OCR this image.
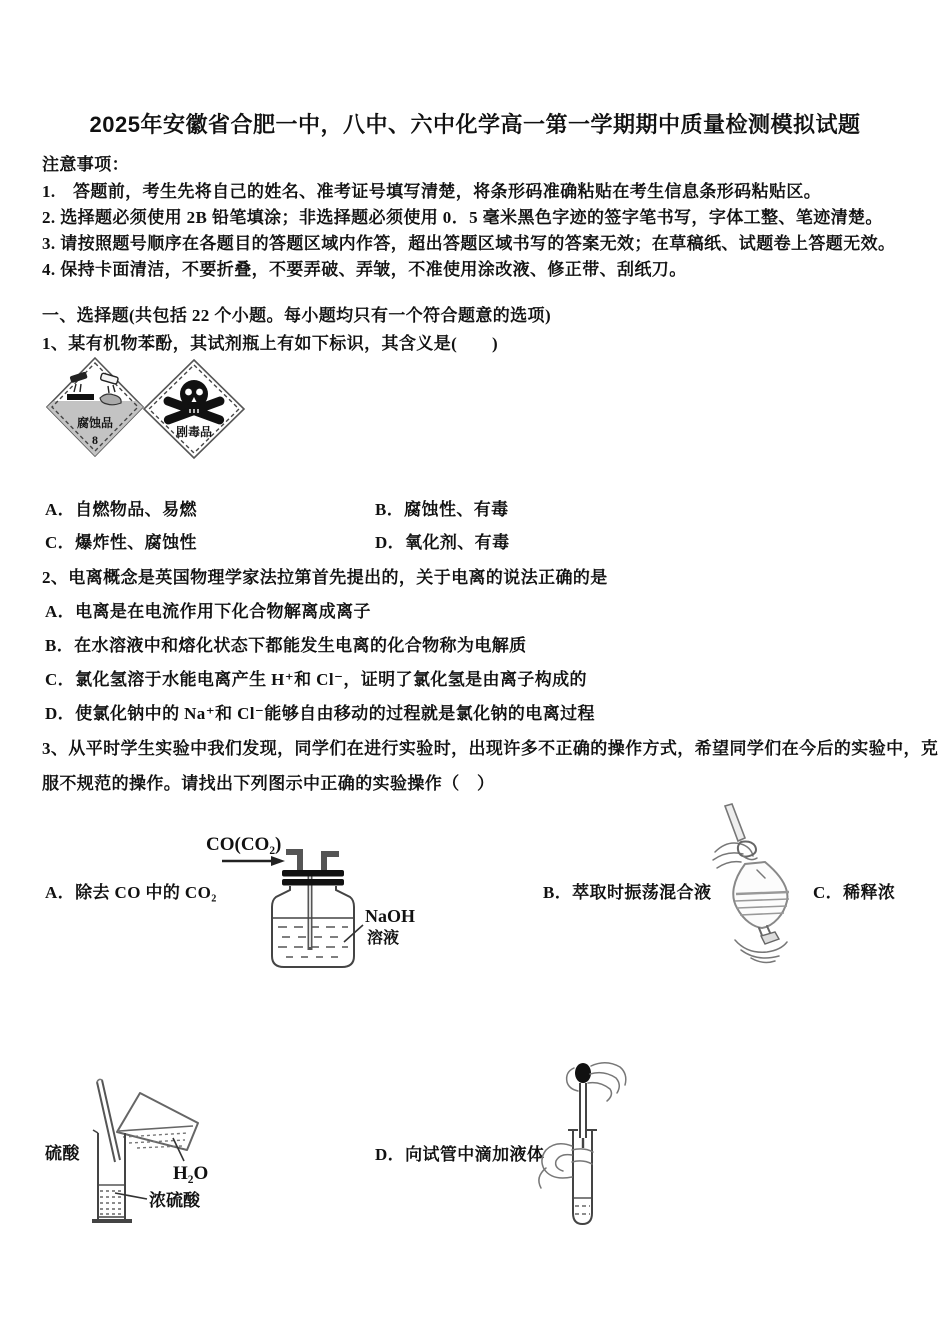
2025年安徽省合肥一中，八中、六中化学高一第一学期期中质量检测模拟试题
注意事项：
1.　答题前，考生先将自己的姓名、准考证号填写清楚，将条形码准确粘贴在考生信息条形码粘贴区。
2. 选择题必须使用 2B 铅笔填涂；非选择题必须使用 0．5 毫米黑色字迹的签字笔书写，字体工整、笔迹清楚。
3. 请按照题号顺序在各题目的答题区域内作答，超出答题区域书写的答案无效；在草稿纸、试题卷上答题无效。
4. 保持卡面清洁，不要折叠，不要弄破、弄皱，不准使用涂改液、修正带、刮纸刀。
一、选择题(共包括 22 个小题。每小题均只有一个符合题意的选项)
1、某有机物苯酚，其试剂瓶上有如下标识，其含义是(　　)
腐蚀品
8
剧毒品
A．自燃物品、易燃	B．腐蚀性、有毒
C．爆炸性、腐蚀性	D．氧化剂、有毒
2、电离概念是英国物理学家法拉第首先提出的，关于电离的说法正确的是
A．电离是在电流作用下化合物解离成离子
B．在水溶液中和熔化状态下都能发生电离的化合物称为电解质
C．氯化氢溶于水能电离产生 H⁺和 Cl⁻，证明了氯化氢是由离子构成的
D．使氯化钠中的 Na⁺和 Cl⁻能够自由移动的过程就是氯化钠的电离过程
3、从平时学生实验中我们发现，同学们在进行实验时，出现许多不正确的操作方式，希望同学们在今后的实验中，克
服不规范的操作。请找出下列图示中正确的实验操作（　）
CO(CO₂)
NaOH
溶液
A．除去 CO 中的 CO₂	B．萃取时振荡混合液	C．稀释浓
硫酸
H₂O
浓硫酸
D．向试管中滴加液体
